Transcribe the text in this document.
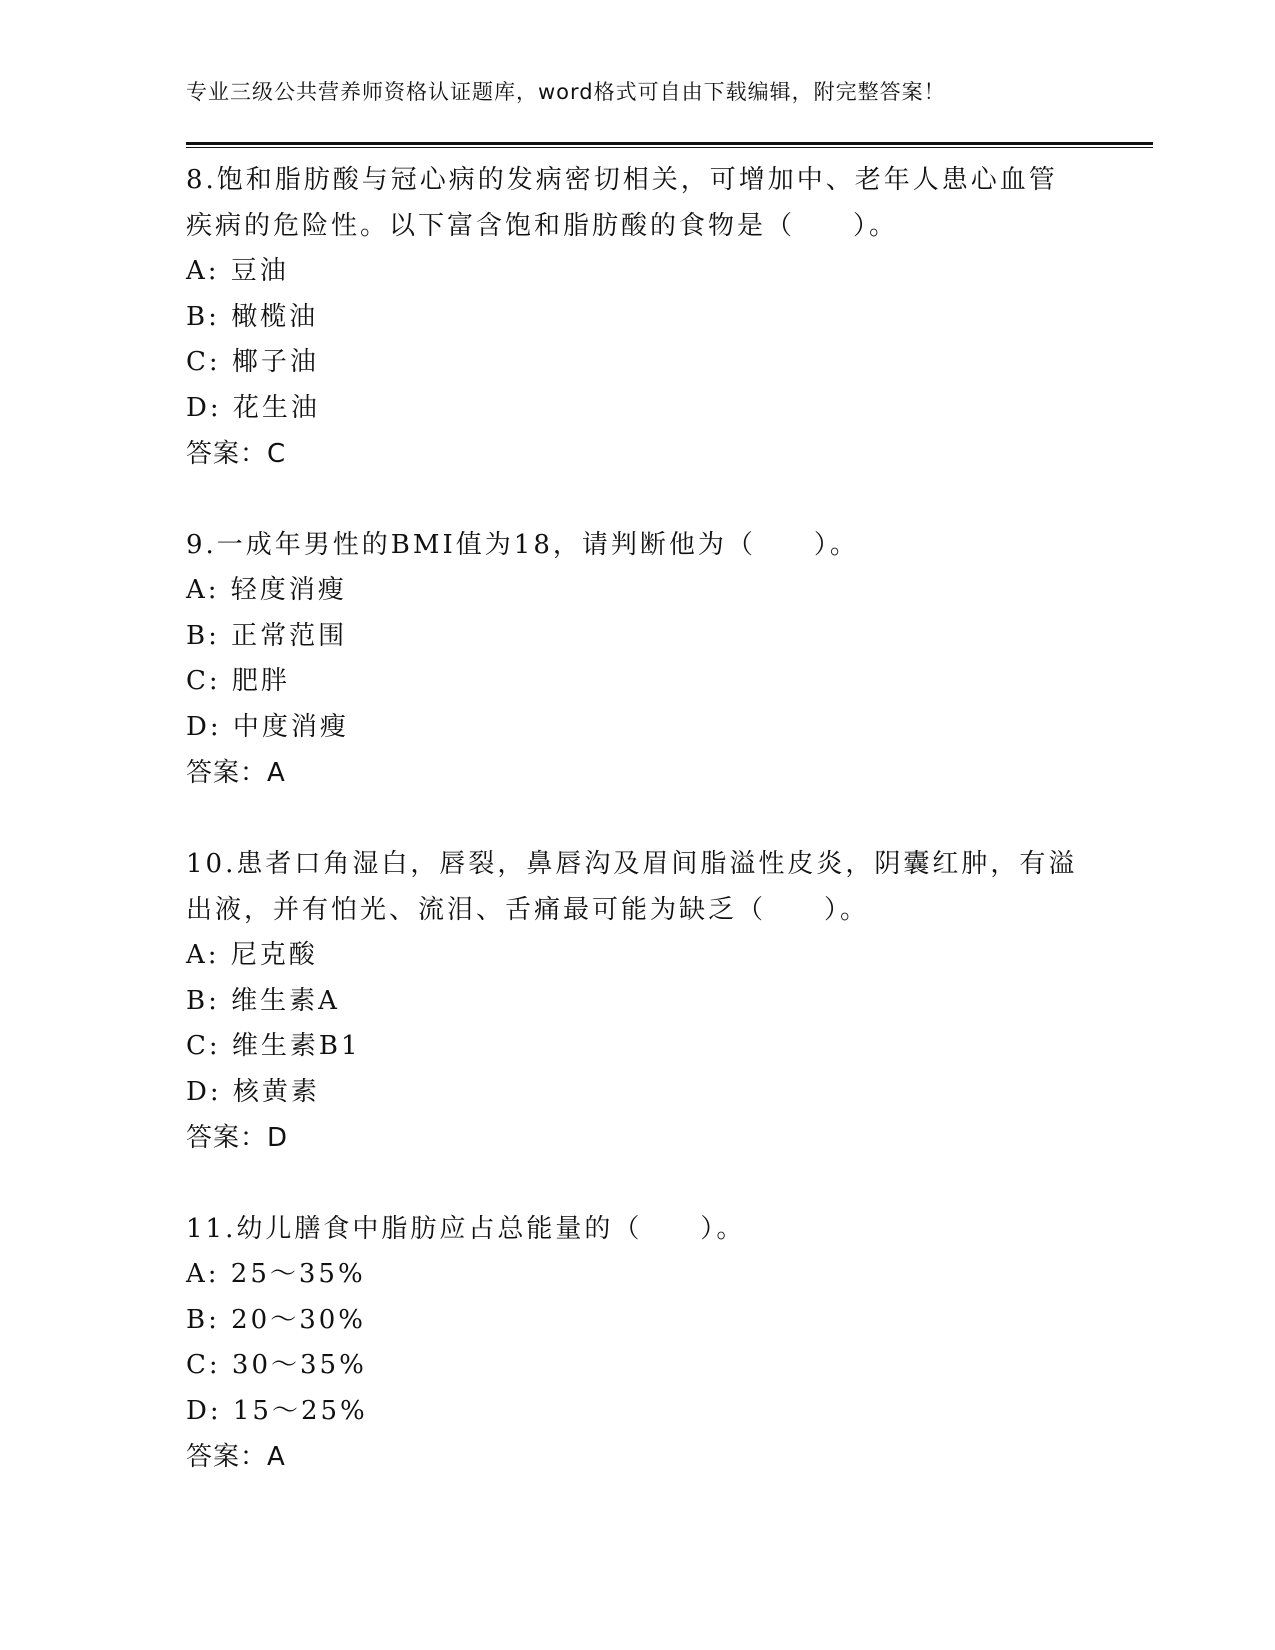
专业三级公共营养师资格认证题库，word格式可自由下载编辑，附完整答案！

8.饱和脂肪酸与冠心病的发病密切相关，可增加中、老年人患心血管疾病的危险性。以下富含饱和脂肪酸的食物是（　　）。

A: 豆油

B: 橄榄油

C: 椰子油

D: 花生油

答案：C

9.一成年男性的BMI值为18，请判断他为（　　）。

A: 轻度消瘦

B: 正常范围

C: 肥胖

D: 中度消瘦

答案：A

10.患者口角湿白，唇裂，鼻唇沟及眉间脂溢性皮炎，阴囊红肿，有溢出液，并有怕光、流泪、舌痛最可能为缺乏（　　）。

A: 尼克酸

B: 维生素A

C: 维生素B1

D: 核黄素

答案：D

11.幼儿膳食中脂肪应占总能量的（　　）。

A: 25～35%

B: 20～30%

C: 30～35%

D: 15～25%

答案：A
